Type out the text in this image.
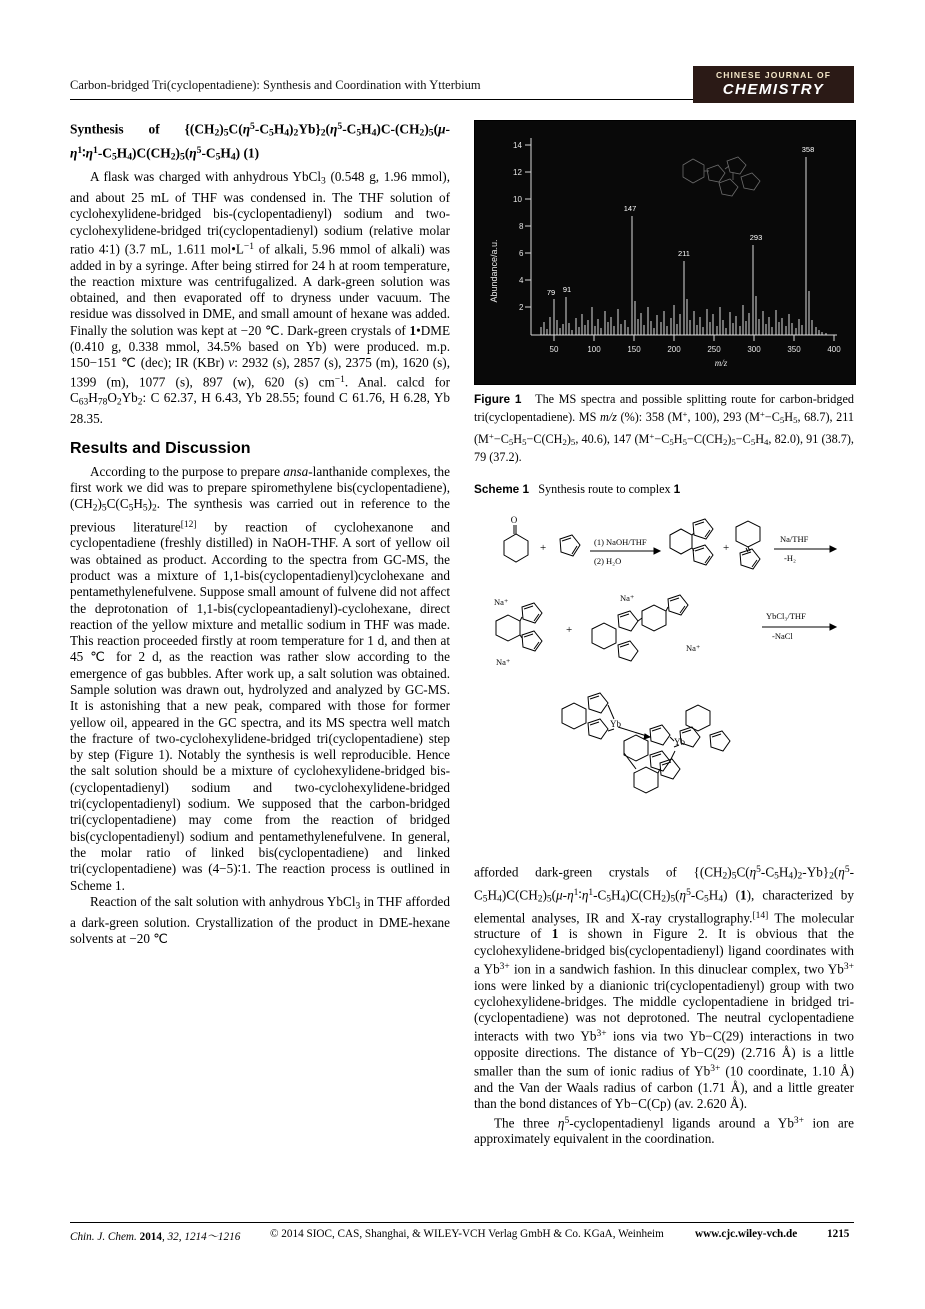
Carbon-bridged Tri(cyclopentadiene): Synthesis and Coordination with Ytterbium
CHINESE JOURNAL OF
CHEMISTRY
Synthesis   of   $\{(CH_2)_5C(\eta^5-C_5H_4)_2Yb\}_2(\eta^5-C_5H_4)C-(CH_2)_5(\mu-\eta^1∶\eta^1-C_5H_4)C(CH_2)_5(\eta^5-C_5H_4)$ (1)

A flask was charged with anhydrous YbCl$_3$ (0.548 g, 1.96 mmol), and about 25 mL of THF was condensed in. The THF solution of cyclohexylidene-bridged bis-(cyclopentadienyl) sodium and two-cyclohexylidene-bridged tri(cyclopentadienyl) sodium (relative molar ratio 4∶1) (3.7 mL, 1.611 $mol•L^{-1}$ of alkali, 5.96 mmol of alkali) was added in by a syringe. After being stirred for 24 h at room temperature, the reaction mixture was centrifugalized. A dark-green solution was obtained, and then evaporated off to dryness under vacuum. The residue was dissolved in DME, and small amount of hexane was added. Finally the solution was kept at −20 ℃. Dark-green crystals of 1•DME (0.410 g, 0.338 mmol, 34.5% based on Yb) were produced. m.p. 150−151 ℃ (dec); IR (KBr) ν: 2932 (s), 2857 (s), 2375 (m), 1620 (s), 1399 (m), 1077 (s), 897 (w), 620 (s) $cm^{-1}$. Anal. calcd for $C_{63}H_{78}O_2Yb_2$: C 62.37, H 6.43, Yb 28.55; found C 61.76, H 6.28, Yb 28.35.

Results and Discussion

According to the purpose to prepare ansa-lanthanide complexes, the first work we did was to prepare spiromethylene bis(cyclopentadiene), $(CH_2)_5C(C_5H_5)_2$. The synthesis was carried out in reference to the previous literature[12] by reaction of cyclohexanone and cyclopentadiene (freshly distilled) in NaOH-THF. A sort of yellow oil was obtained as product. According to the spectra from GC-MS, the product was a mixture of 1,1-bis(cyclopentadienyl)cyclohexane and pentamethylenefulvene. Suppose small amount of fulvene did not affect the deprotonation of 1,1-bis(cyclopeantadienyl)-cyclohexane, direct reaction of the yellow mixture and metallic sodium in THF was made. This reaction proceeded firstly at room temperature for 1 d, and then at 45 ℃ for 2 d, as the reaction was rather slow according to the emergence of gas bubbles. After work up, a salt solution was obtained. Sample solution was drawn out, hydrolyzed and analyzed by GC-MS. It is astonishing that a new peak, compared with those for former yellow oil, appeared in the GC spectra, and its MS spectra well match the fracture of two-cyclohexylidene-bridged tri(cyclopentadiene) step by step (Figure 1). Notably the synthesis is well reproducible. Hence the salt solution should be a mixture of cyclohexylidene-bridged bis-(cyclopentadienyl) sodium and two-cyclohexylidene-bridged tri(cyclopentadienyl) sodium. We supposed that the carbon-bridged tri(cyclopentadiene) may come from the reaction of bridged bis(cyclopentadienyl) sodium and pentamethylenefulvene. In general, the molar ratio of linked bis(cyclopentadiene) and linked tri(cyclopentadiene) was (4−5)∶1. The reaction process is outlined in Scheme 1.

Reaction of the salt solution with anhydrous YbCl$_3$ in THF afforded a dark-green solution. Crystallization of the product in DME-hexane solvents at −20 ℃

14
12
10
8
6
4
2
50	100	150	200	250	300	350	400
m/z
Abundance/a.u.	79 91
147
211
293
358
Figure 1   The MS spectra and possible splitting route for carbon-bridged tri(cyclopentadiene). MS m/z (%): 358 (M+, 100), 293 ($M^+-C_5H_5$, 68.7), 211 ($M^+-C_5H_5-C(CH_2)_5$, 40.6), 147 ($M^+-C_5H_5-C(CH_2)_5-C_5H_4$, 82.0), 91 (38.7), 79 (37.2).
Scheme 1   Synthesis route to complex 1
O
+	(1) NaOH/THF
(2) H₂O
+
Na/THF
-H₂
Na⁺
Na⁺
+
Na⁺
Na⁺
YbCl₃/THF
-NaCl
Yb
Yb

afforded dark-green crystals of $\{(CH_2)_5C(\eta^5-C_5H_4)_2-Yb\}_2(\eta^5-C_5H_4)C(CH_2)_5(\mu-\eta^1∶\eta^1-C_5H_4)C(CH_2)_5(\eta^5-C_5H_4)$ (1), characterized by elemental analyses, IR and X-ray crystallography.[14] The molecular structure of 1 is shown in Figure 2. It is obvious that the cyclohexylidene-bridged bis(cyclopentadienyl) ligand coordinates with a $Yb^{3+}$ ion in a sandwich fashion. In this dinuclear complex, two $Yb^{3+}$ ions were linked by a dianionic tri(cyclopentadienyl) group with two cyclohexylidene-bridges. The middle cyclopentadiene in bridged tri-(cyclopentadiene) was not deprotoned. The neutral cyclopentadiene interacts with two $Yb^{3+}$ ions via two Yb−C(29) interactions in two opposite directions. The distance of Yb−C(29) (2.716 Å) is a little smaller than the sum of ionic radius of $Yb^{3+}$ (10 coordinate, 1.10 Å) and the Van der Waals radius of carbon (1.71 Å), and a little greater than the bond distances of Yb−C(Cp) (av. 2.620 Å).

The three $\eta^5$-cyclopentadienyl ligands around a $Yb^{3+}$ ion are approximately equivalent in the coordination.

Chin. J. Chem. 2014, 32, 1214～1216	© 2014 SIOC, CAS, Shanghai, & WILEY-VCH Verlag GmbH & Co. KGaA, Weinheim	www.cjc.wiley-vch.de	1215
